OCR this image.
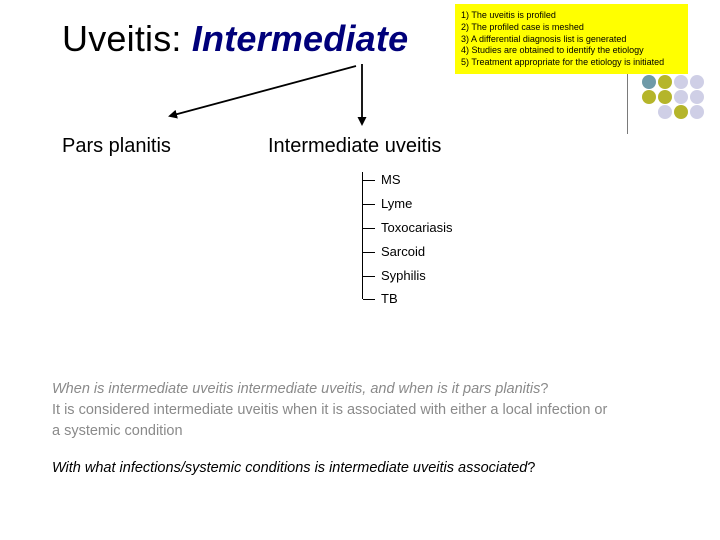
Uveitis: Intermediate
1) The uveitis is profiled
2) The profiled case is meshed
3) A differential diagnosis list is generated
4) Studies are obtained to identify the etiology
5) Treatment appropriate for the etiology is initiated
Pars planitis	Intermediate uveitis
MS
Lyme
Toxocariasis
Sarcoid
Syphilis
TB
When is intermediate uveitis intermediate uveitis, and when is it pars planitis?
It is considered intermediate uveitis when it is associated with either a local infection or
a systemic condition
With what infections/systemic conditions is intermediate uveitis associated?
